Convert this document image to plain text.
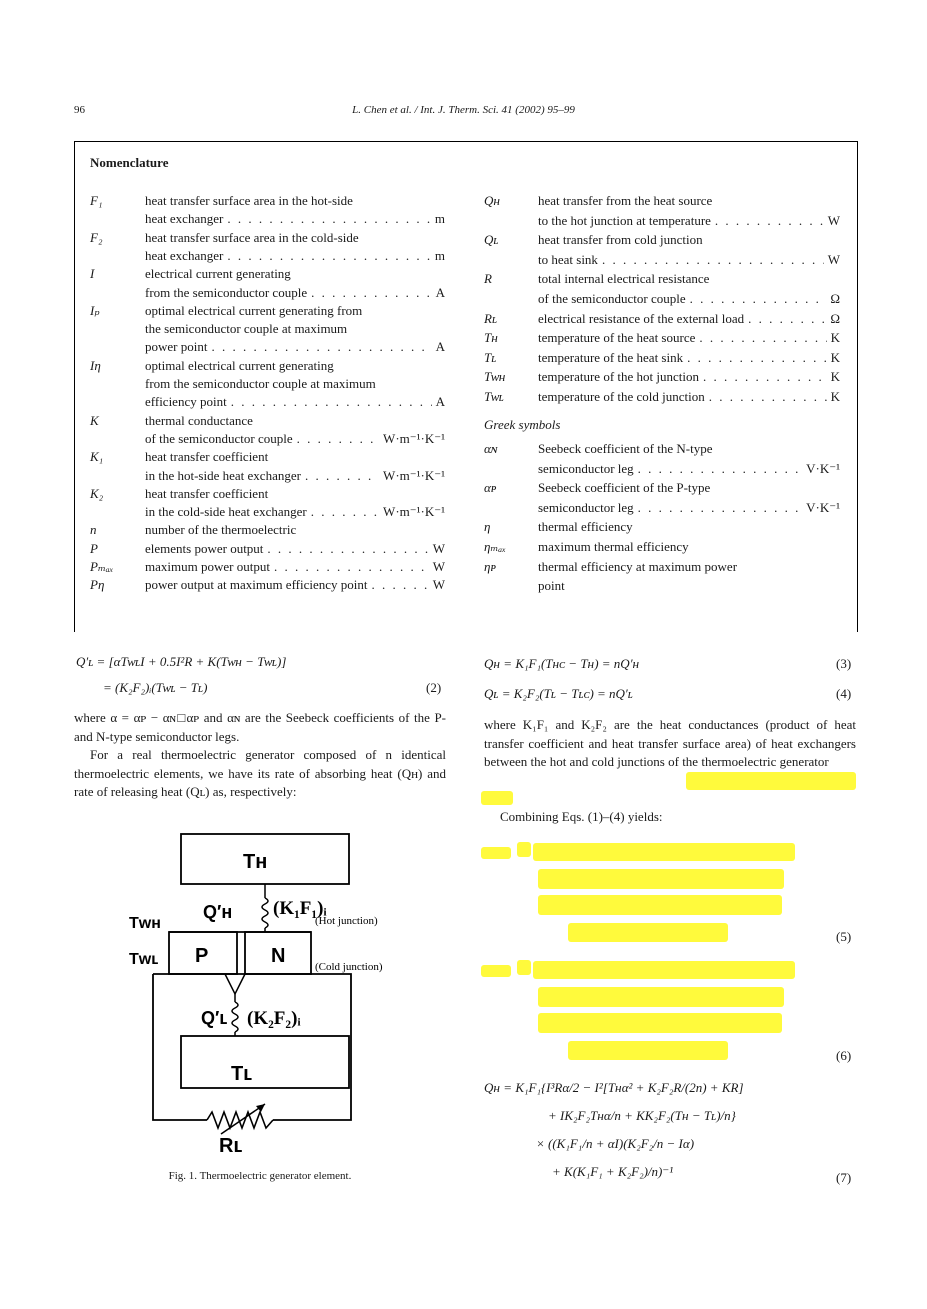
96	L. Chen et al. / Int. J. Therm. Sci. 41 (2002) 95–99
Nomenclature
F₁	heat transfer surface area in the hot-side
heat exchanger . . .	m
F₂	heat transfer surface area in the cold-side
heat exchanger . . .	m
I	electrical current generating
from the semiconductor couple . . .	A
Iₚ	optimal electrical current generating from
the semiconductor couple at maximum
power point . . .	A
Iη	optimal electrical current generating
from the semiconductor couple at maximum
efficiency point . . .	A
K	thermal conductance
of the semiconductor couple . . .	W·m⁻¹·K⁻¹
K₁	heat transfer coefficient
in the hot-side heat exchanger . . .	W·m⁻¹·K⁻¹
K₂	heat transfer coefficient
in the cold-side heat exchanger . . .	W·m⁻¹·K⁻¹
n	number of the thermoelectric
P	elements power output . . .	W
Pₘₐₓ maximum power output . . .	W
Pη	power output at maximum efficiency point . . .	W
Qʜ	heat transfer from the heat source
to the hot junction at temperature . . .	W
Qʟ	heat transfer from cold junction
to heat sink . . .	W
R	total internal electrical resistance
of the semiconductor couple . . .	Ω
Rʟ	electrical resistance of the external load . . .	Ω
Tʜ	temperature of the heat source . . .	K
Tʟ	temperature of the heat sink . . .	K
Tᴡʜ	temperature of the hot junction . . .	K
Tᴡʟ	temperature of the cold junction . . .	K
Greek symbols
αɴ	Seebeck coefficient of the N-type
semiconductor leg . . .	V·K⁻¹
αᴘ	Seebeck coefficient of the P-type
semiconductor leg . . .	V·K⁻¹
η	thermal efficiency
ηₘₐₓ maximum thermal efficiency
ηᴘ	thermal efficiency at maximum power
point
Q′ʟ = [αTᴡʟI + 0.5I²R + K(Tᴡʜ − Tᴡʟ)]
= (K₂F₂)ᵢ(Tᴡʟ − Tʟ)	(2)
where α = αᴘ − αɴ□αᴘ and αɴ are the Seebeck coefficients of the P- and N-type semiconductor legs.
For a real thermoelectric generator composed of n identical thermoelectric elements, we have its rate of absorbing heat (Qʜ) and rate of releasing heat (Qʟ) as, respectively:
Tʜ
Q′ʜ (K₁F₁)ᵢ
(Hot junction)
Tᴡʜ
P	N
Tᴡʟ	(Cold junction)
Q′ʟ (K₂F₂)ᵢ
Tʟ
Rʟ
Fig. 1. Thermoelectric generator element.
Qʜ = K₁F₁(Tʜᴄ − Tʜ) = nQ′ʜ	(3)
Qʟ = K₂F₂(Tʟ − Tʟᴄ) = nQ′ʟ	(4)
where K₁F₁ and K₂F₂ are the heat conductances (product of heat transfer coefficient and heat transfer surface area) of heat exchangers between the hot and cold junctions of the thermoelectric generator
Combining Eqs. (1)–(4) yields:
(5)
(6)
Qʜ = K₁F₁{I³Rα/2 − I²[Tʜα² + K₂F₂R/(2n) + KR]
+ IK₂F₂Tʜα/n + KK₂F₂(Tʜ − Tʟ)/n}
× ((K₁F₁/n + αI)(K₂F₂/n − Iα)
+ K(K₁F₁ + K₂F₂)/n)⁻¹	(7)
